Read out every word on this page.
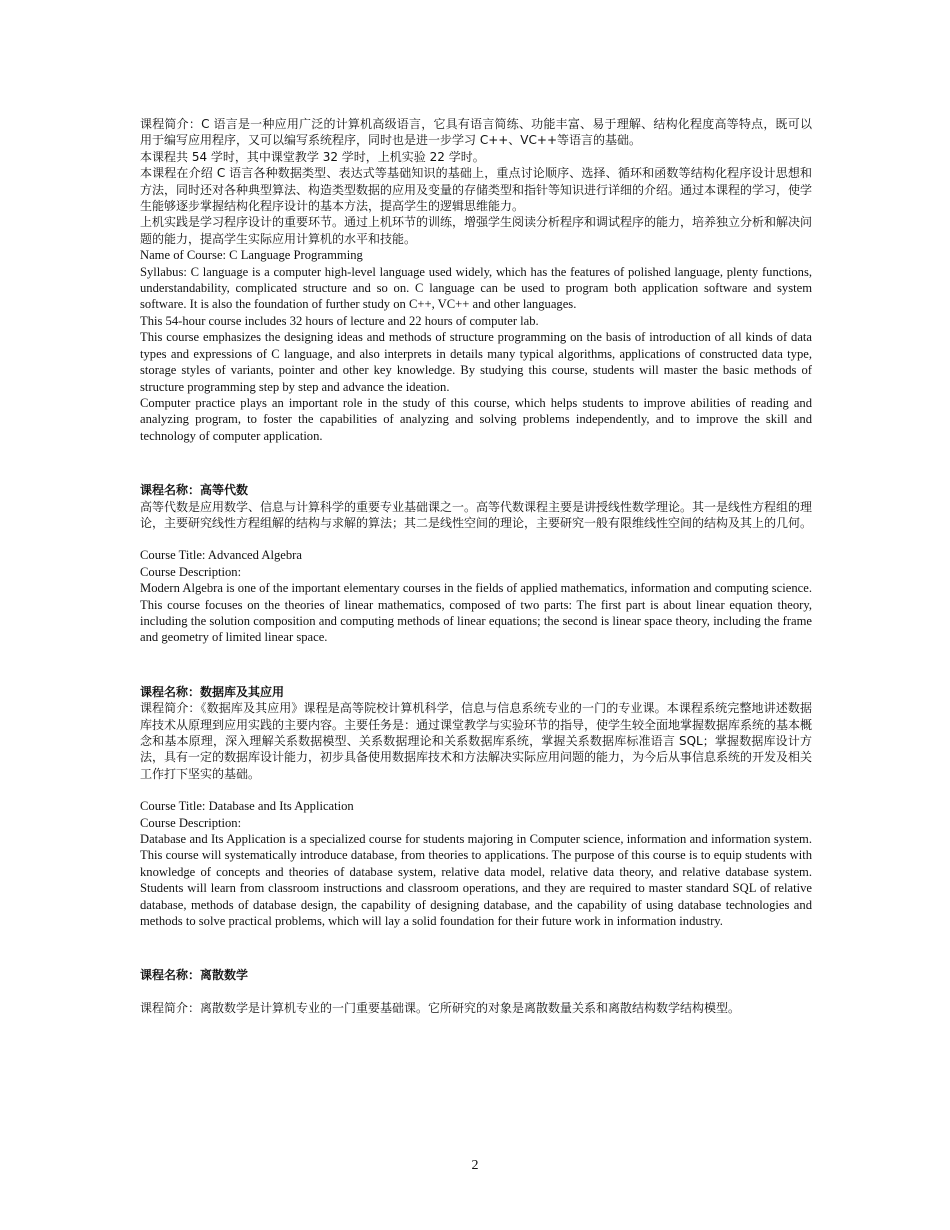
课程简介：C 语言是一种应用广泛的计算机高级语言，它具有语言简练、功能丰富、易于理解、结构化程度高等特点，既可以用于编写应用程序，又可以编写系统程序，同时也是进一步学习 C++、VC++等语言的基础。

本课程共 54 学时，其中课堂教学 32 学时，上机实验 22 学时。

本课程在介绍 C 语言各种数据类型、表达式等基础知识的基础上，重点讨论顺序、选择、循环和函数等结构化程序设计思想和方法，同时还对各种典型算法、构造类型数据的应用及变量的存储类型和指针等知识进行详细的介绍。通过本课程的学习，使学生能够逐步掌握结构化程序设计的基本方法，提高学生的逻辑思维能力。

上机实践是学习程序设计的重要环节。通过上机环节的训练，增强学生阅读分析程序和调试程序的能力，培养独立分析和解决问题的能力，提高学生实际应用计算机的水平和技能。

Name of Course: C Language Programming

Syllabus: C language is a computer high-level language used widely, which has the features of polished language, plenty functions, understandability, complicated structure and so on. C language can be used to program both application software and system software. It is also the foundation of further study on C++, VC++ and other languages.

This 54-hour course includes 32 hours of lecture and 22 hours of computer lab.

This course emphasizes the designing ideas and methods of structure programming on the basis of introduction of all kinds of data types and expressions of C language, and also interprets in details many typical algorithms, applications of constructed data type, storage styles of variants, pointer and other key knowledge. By studying this course, students will master the basic methods of structure programming step by step and advance the ideation.

Computer practice plays an important role in the study of this course, which helps students to improve abilities of reading and analyzing program, to foster the capabilities of analyzing and solving problems independently, and to improve the skill and technology of computer application.

课程名称：高等代数

高等代数是应用数学、信息与计算科学的重要专业基础课之一。高等代数课程主要是讲授线性数学理论。其一是线性方程组的理论，主要研究线性方程组解的结构与求解的算法；其二是线性空间的理论，主要研究一般有限维线性空间的结构及其上的几何。

Course Title: Advanced Algebra

Course Description:

Modern Algebra is one of the important elementary courses in the fields of applied mathematics, information and computing science. This course focuses on the theories of linear mathematics, composed of two parts: The first part is about linear equation theory, including the solution composition and computing methods of linear equations; the second is linear space theory, including the frame and geometry of limited linear space.

课程名称：数据库及其应用

课程简介：《数据库及其应用》课程是高等院校计算机科学，信息与信息系统专业的一门的专业课。本课程系统完整地讲述数据库技术从原理到应用实践的主要内容。主要任务是：通过课堂教学与实验环节的指导，使学生较全面地掌握数据库系统的基本概念和基本原理，深入理解关系数据模型、关系数据理论和关系数据库系统，掌握关系数据库标准语言 SQL；掌握数据库设计方法，具有一定的数据库设计能力，初步具备使用数据库技术和方法解决实际应用问题的能力，为今后从事信息系统的开发及相关工作打下坚实的基础。

Course Title: Database and Its Application

Course Description:

Database and Its Application is a specialized course for students majoring in Computer science, information and information system. This course will systematically introduce database, from theories to applications. The purpose of this course is to equip students with knowledge of concepts and theories of database system, relative data model, relative data theory, and relative database system. Students will learn from classroom instructions and classroom operations, and they are required to master standard SQL of relative database, methods of database design, the capability of designing database, and the capability of using database technologies and methods to solve practical problems, which will lay a solid foundation for their future work in information industry.

课程名称：离散数学

课程简介：离散数学是计算机专业的一门重要基础课。它所研究的对象是离散数量关系和离散结构数学结构模型。

2
